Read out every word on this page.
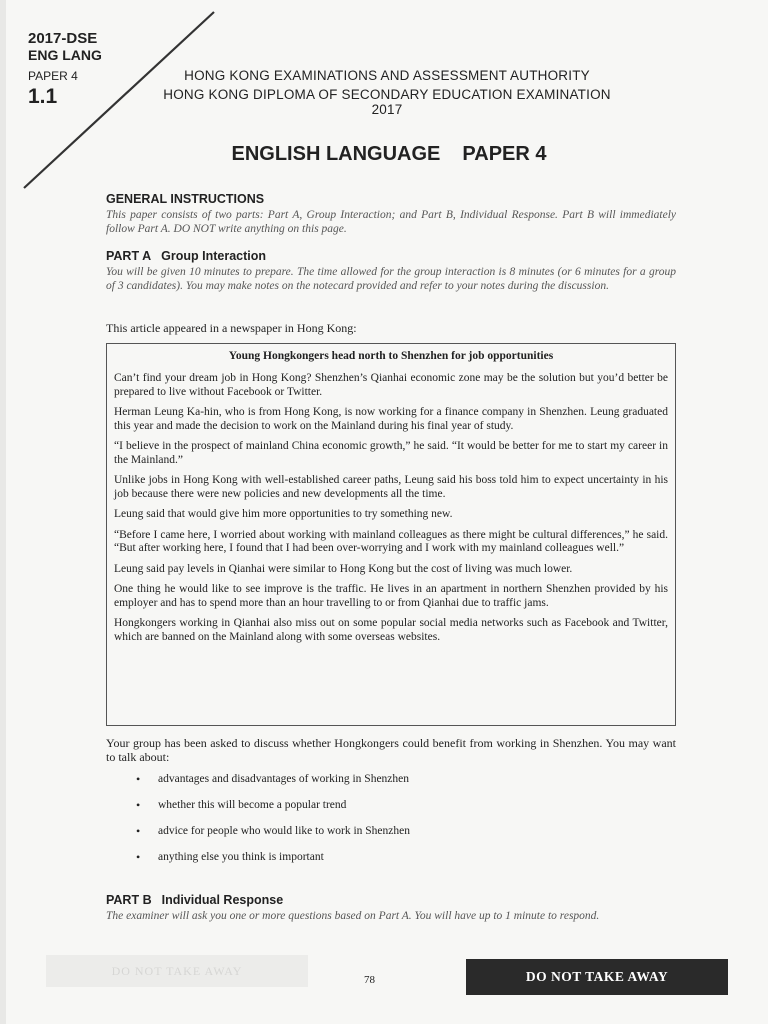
2017-DSE
ENG LANG
PAPER 4
1.1
HONG KONG EXAMINATIONS AND ASSESSMENT AUTHORITY
HONG KONG DIPLOMA OF SECONDARY EDUCATION EXAMINATION 2017
ENGLISH LANGUAGE PAPER 4
GENERAL INSTRUCTIONS
This paper consists of two parts: Part A, Group Interaction; and Part B, Individual Response. Part B will immediately follow Part A. DO NOT write anything on this page.
PART A Group Interaction
You will be given 10 minutes to prepare. The time allowed for the group interaction is 8 minutes (or 6 minutes for a group of 3 candidates). You may make notes on the notecard provided and refer to your notes during the discussion.
This article appeared in a newspaper in Hong Kong:
Young Hongkongers head north to Shenzhen for job opportunities

Can’t find your dream job in Hong Kong? Shenzhen’s Qianhai economic zone may be the solution but you’d better be prepared to live without Facebook or Twitter.

Herman Leung Ka-hin, who is from Hong Kong, is now working for a finance company in Shenzhen. Leung graduated this year and made the decision to work on the Mainland during his final year of study.

“I believe in the prospect of mainland China economic growth,” he said. “It would be better for me to start my career in the Mainland.”

Unlike jobs in Hong Kong with well-established career paths, Leung said his boss told him to expect uncertainty in his job because there were new policies and new developments all the time.

Leung said that would give him more opportunities to try something new.

“Before I came here, I worried about working with mainland colleagues as there might be cultural differences,” he said. “But after working here, I found that I had been over-worrying and I work with my mainland colleagues well.”

Leung said pay levels in Qianhai were similar to Hong Kong but the cost of living was much lower.

One thing he would like to see improve is the traffic. He lives in an apartment in northern Shenzhen provided by his employer and has to spend more than an hour travelling to or from Qianhai due to traffic jams.

Hongkongers working in Qianhai also miss out on some popular social media networks such as Facebook and Twitter, which are banned on the Mainland along with some overseas websites.

Your group has been asked to discuss whether Hongkongers could benefit from working in Shenzhen. You may want to talk about:
• advantages and disadvantages of working in Shenzhen
• whether this will become a popular trend
• advice for people who would like to work in Shenzhen
• anything else you think is important
PART B Individual Response
The examiner will ask you one or more questions based on Part A. You will have up to 1 minute to respond.
DO NOT TAKE AWAY
78	DO NOT TAKE AWAY
